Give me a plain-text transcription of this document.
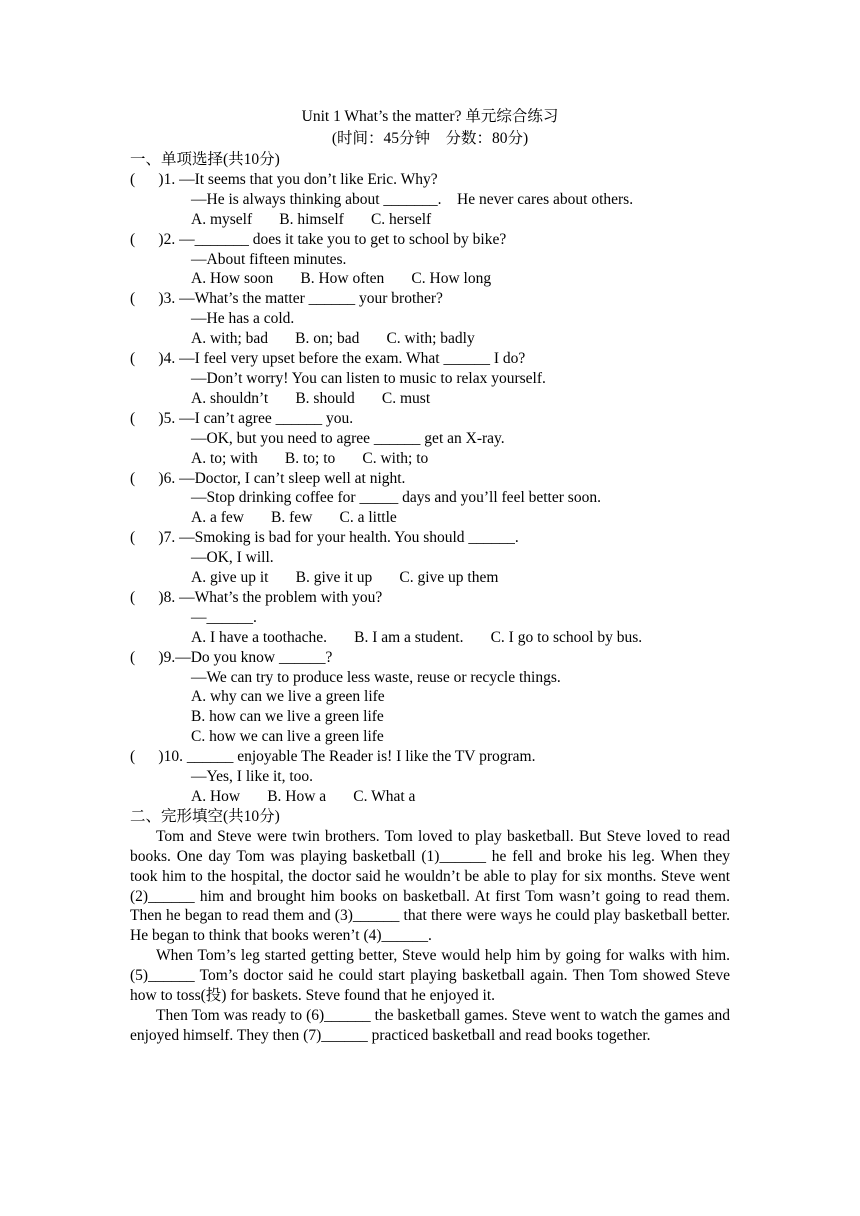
Unit 1 What’s the matter? 单元综合练习
(时间：45分钟　分数：80分)
一、单项选择(共10分)
(      )1. —It seems that you don’t like Eric. Why?
—He is always thinking about _______.    He never cares about others.
A. myself       B. himself       C. herself
(      )2. —_______ does it take you to get to school by bike?
—About fifteen minutes.
A. How soon       B. How often       C. How long
(      )3. —What’s the matter ______ your brother?
—He has a cold.
A. with; bad       B. on; bad       C. with; badly
(      )4. —I feel very upset before the exam. What ______ I do?
—Don’t worry! You can listen to music to relax yourself.
A. shouldn’t       B. should       C. must
(      )5. —I can’t agree ______ you.
—OK, but you need to agree ______ get an X-ray.
A. to; with       B. to; to       C. with; to
(      )6. —Doctor, I can’t sleep well at night.
—Stop drinking coffee for _____ days and you’ll feel better soon.
A. a few       B. few       C. a little
(      )7. —Smoking is bad for your health. You should ______.
—OK, I will.
A. give up it       B. give it up       C. give up them
(      )8. —What’s the problem with you?
—______.
A. I have a toothache.       B. I am a student.       C. I go to school by bus.
(      )9.—Do you know ______?
—We can try to produce less waste, reuse or recycle things.
A. why can we live a green life
B. how can we live a green life
C. how we can live a green life
(      )10. ______ enjoyable The Reader is! I like the TV program.
—Yes, I like it, too.
A. How       B. How a       C. What a
二、完形填空(共10分)

Tom and Steve were twin brothers. Tom loved to play basketball. But Steve loved to read books. One day Tom was playing basketball (1)______ he fell and broke his leg. When they took him to the hospital, the doctor said he wouldn’t be able to play for six months. Steve went (2)______ him and brought him books on basketball. At first Tom wasn’t going to read them. Then he began to read them and (3)______ that there were ways he could play basketball better. He began to think that books weren’t (4)______.

When Tom’s leg started getting better, Steve would help him by going for walks with him. (5)______ Tom’s doctor said he could start playing basketball again. Then Tom showed Steve how to toss(投) for baskets. Steve found that he enjoyed it.

Then Tom was ready to (6)______ the basketball games. Steve went to watch the games and enjoyed himself. They then (7)______ practiced basketball and read books together.
